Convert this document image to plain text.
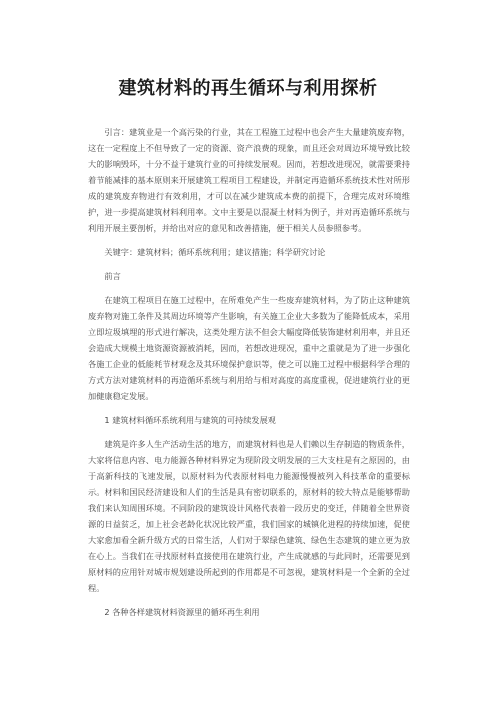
建筑材料的再生循环与利用探析

引言：建筑业是一个高污染的行业，其在工程施工过程中也会产生大量建筑废弃物，这在一定程度上不但导致了一定的资源、资产浪费的现象，而且还会对周边环境导致比较大的影响毁坏，十分不益于建筑行业的可持续发展观。因而，若想改进现况，就需要秉持着节能减排的基本原则来开展建筑工程项目工程建设，并制定再造循环系统技术性对所形成的建筑废弃物进行有效利用，才可以在减少建筑成本费的前提下，合理完成对环境维护，进一步提高建筑材料利用率。文中主要是以混凝土材料为例子，并对再造循环系统与利用开展主要剖析，并给出对应的意见和改善措施，便于相关人员参照参考。

关键字：建筑材料；循环系统利用；建议措施；科学研究讨论

前言

在建筑工程项目在施工过程中，在所难免产生一些废弃建筑材料，为了防止这种建筑废弃物对施工条件及其周边环境等产生影响，有关施工企业大多数为了能降低成本，采用立即垃圾填埋的形式进行解决，这类处理方法不但会大幅度降低装饰建材利用率，并且还会造成大规模土地资源资源被消耗，因而，若想改进现况，重中之重就是为了进一步强化各施工企业的低能耗节材观念及其环境保护意识等，使之可以施工过程中根据科学合理的方式方法对建筑材料的再造循环系统与利用给与相对高度的高度重视，促进建筑行业的更加健康稳定发展。

1 建筑材料循环系统利用与建筑的可持续发展观

建筑是许多人生产活动生活的地方，而建筑材料也是人们赖以生存制造的物质条件，大家将信息内容、电力能源各种材料界定为现阶段文明发展的三大支柱是有之原因的，由于高新科技的飞速发展，以原材料为代表原材料电力能源慢慢被列入科技革命的重要标示。材料和国民经济建设和人们的生活是具有密切联系的，原材料的较大特点是能够帮助我们来认知周围环境。不同阶段的建筑设计风格代表着一段历史的变迁，伴随着全世界资源的日益贫乏，加上社会老龄化状况比较严重，我们国家的城镇化进程的持续加速，促使大家愈加看全新升级方式的日常生活，人们对于翠绿色建筑、绿色生态建筑的建立更为放在心上。当我们在寻找原材料直接使用在建筑行业，产生成就感的与此同时，还需要见到原材料的应用针对城市规划建设所起到的作用都是不可忽视，建筑材料是一个全新的全过程。

2 各种各样建筑材料资源里的循环再生利用
